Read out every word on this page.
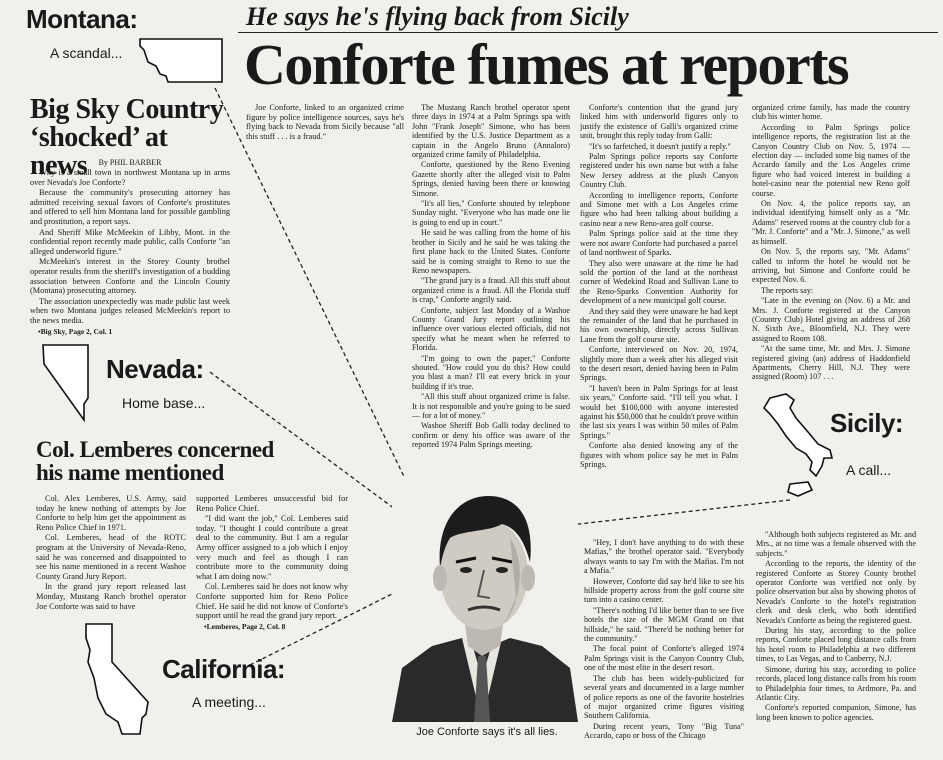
Montana:
A scandal...
Big Sky Country
‘shocked’ at news	By PHIL BARBER

Why is a small town in northwest Montana up in arms over Nevada's Joe Conforte?

Because the community's prosecuting attorney has admitted receiving sexual favors of Conforte's prostitutes and offered to sell him Montana land for possible gambling and prostitution, a report says.

And Sheriff Mike McMeekin of Libby, Mont. in the confidential report recently made public, calls Conforte "an alleged underworld figure."

McMeekin's interest in the Storey County brothel operator results from the sheriff's investigation of a budding association between Conforte and the Lincoln County (Montana) prosecuting attorney.

The association unexpectedly was made public last week when two Montana judges released McMeekin's report to the news media.

•Big Sky, Page 2, Col. 1

Nevada:
Home base...
Col. Lemberes concerned
his name mentioned

Col. Alex Lemberes, U.S. Army, said today he knew nothing of attempts by Joe Conforte to help him get the appointment as Reno Police Chief in 1971.

Col. Lemberes, head of the ROTC program at the University of Nevada-Reno, said he was concerned and disappointed to see his name mentioned in a recent Washoe County Grand Jury Report.

In the grand jury report released last Monday, Mustang Ranch brothel operator Joe Conforte was said to have

supported Lemberes unsuccessful bid for Reno Police Chief.

"I did want the job," Col. Lemberes said today. "I thought I could contribute a great deal to the community. But I am a regular Army officer assigned to a job which I enjoy very much and feel as though I can contribute more to the community doing what I am doing now."

Col. Lemberes said he does not know why Conforte supported him for Reno Police Chief. He said he did not know of Conforte's support until he read the grand jury report.

•Lemberes, Page 2, Col. 8

California:
A meeting...
He says he's flying back from Sicily
Conforte fumes at reports

Joe Conforte, linked to an organized crime figure by police intelligence sources, says he's flying back to Nevada from Sicily because "all this stuff . . . is a fraud."

The Mustang Ranch brothel operator spent three days in 1974 at a Palm Springs spa with John "Frank Joseph" Simone, who has been identified by the U.S. Justice Department as a captain in the Angelo Bruno (Annaloro) organized crime family of Philadelphia.

Conforte, questioned by the Reno Evening Gazette shortly after the alleged visit to Palm Springs, denied having been there or knowing Simone.

"It's all lies," Conforte shouted by telephone Sunday night. "Everyone who has made one lie is going to end up in court."

He said he was calling from the home of his brother in Sicily and he said he was taking the first plane back to the United States. Conforte said he is coming straight to Reno to sue the Reno newspapers.

"The grand jury is a fraud. All this stuff about organized crime is a fraud. All the Florida stuff is crap," Conforte angrily said.

Conforte, subject last Monday of a Washoe County Grand Jury report outlining his influence over various elected officials, did not specify what he meant when he referred to Florida.

"I'm going to own the paper," Conforte shouted. "How could you do this? How could you blast a man? I'll eat every brick in your building if it's true.

"All this stuff about organized crime is false. It is not responsible and you're going to be sued — for a lot of money."

Washoe Sheriff Bob Galli today declined to confirm or deny his office was aware of the reported 1974 Palm Springs meeting.

Conforte's contention that the grand jury linked him with underworld figures only to justify the existence of Galli's organized crime unit, brought this reply today from Galli:

"It's so farfetched, it doesn't justify a reply."

Palm Springs police reports say Conforte registered under his own name but with a false New Jersey address at the plush Canyon Country Club.

According to intelligence reports, Conforte and Simone met with a Los Angeles crime figure who had been talking about building a casino near a new Reno-area golf course.

Palm Springs police said at the time they were not aware Conforte had purchased a parcel of land northwest of Sparks.

They also were unaware at the time he had sold the portion of the land at the northeast corner of Wedekind Road and Sullivan Lane to the Reno-Sparks Convention Authority for development of a new municipal golf course.

And they said they were unaware he had kept the remainder of the land that he purchased in his own ownership, directly across Sullivan Lane from the golf course site.

Conforte, interviewed on Nov. 20, 1974, slightly more than a week after his alleged visit to the desert resort, denied having been in Palm Springs.

"I haven't been in Palm Springs for at least six years," Conforte said. "I'll tell you what. I would bet $100,000 with anyone interested against his $50,000 that he couldn't prove within the last six years I was within 50 miles of Palm Springs."

Conforte also denied knowing any of the figures with whom police say he met in Palm Springs.

organized crime family, has made the country club his winter home.

According to Palm Springs police intelligence reports, the registration list at the Canyon Country Club on Nov. 5, 1974 — election day — included some big names of the Accardo family and the Los Angeles crime figure who had voiced interest in building a hotel-casino near the potential new Reno golf course.

On Nov. 4, the police reports say, an individual identifying himself only as a "Mr. Adams" reserved rooms at the country club for a "Mr. J. Conforte" and a "Mr. J. Simone," as well as himself.

On Nov. 5, the reports say, "Mr. Adams" called to inform the hotel he would not be arriving, but Simone and Conforte could be expected Nov. 6.

The reports say:

"Late in the evening on (Nov. 6) a Mr. and Mrs. J. Conforte registered at the Canyon (Country Club) Hotel giving an address of 268 N. Sixth Ave., Bloomfield, N.J. They were assigned to Room 108.

"At the same time, Mr. and Mrs. J. Simone registered giving (an) address of Haddonfield Apartments, Cherry Hill, N.J. They were assigned (Room) 107 . . .

Sicily:
A call...
Joe Conforte says it's all lies.

"Hey, I don't have anything to do with these Mafias," the brothel operator said. "Everybody always wants to say I'm with the Mafias. I'm not a Mafia."

However, Conforte did say he'd like to see his hillside property across from the golf course site turn into a casino center.

"There's nothing I'd like better than to see five hotels the size of the MGM Grand on that hillside," he said. "There'd be nothing better for the community."

The focal point of Conforte's alleged 1974 Palm Springs visit is the Canyon Country Club, one of the most elite in the desert resort.

The club has been widely-publicized for several years and documented in a large number of police reports as one of the favorite hostelries of major organized crime figures visiting Southern California.

During recent years, Tony "Big Tuna" Accardo, capo or boss of the Chicago

"Although both subjects registered as Mr. and Mrs., at no time was a female observed with the subjects."

According to the reports, the identity of the registered Conforte as Storey County brothel operator Conforte was verified not only by police observation but also by showing photos of Nevada's Conforte to the hotel's registration clerk and desk clerk, who both identified Nevada's Conforte as being the registered guest.

During his stay, according to the police reports, Conforte placed long distance calls from his hotel room to Philadelphia at two different times, to Las Vegas, and to Canberry, N.J.

Simone, during his stay, according to police records, placed long distance calls from his room to Philadelphia four times, to Ardmore, Pa. and Atlantic City.

Conforte's reported companion, Simone, has long been known to police agencies.
